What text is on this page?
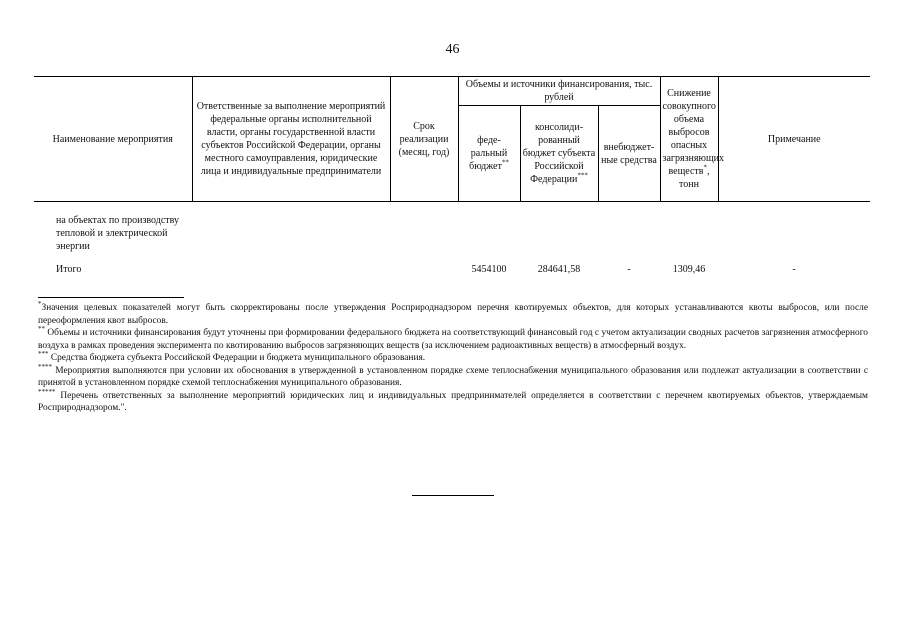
46
Наименование мероприятия	Ответственные за выполнение мероприятий федеральные органы исполнительной власти, органы государственной власти субъектов Российской Федерации, органы местного самоуправления, юридические лица и индивидуальные предприниматели	Срок реализации (месяц, год)	Объемы и источники финансирования, тыс. рублей			Снижение совокупного объема выбросов опасных загрязняющих веществ*, тонн	Примечание
			феде-ральный бюджет**	консолиди-рованный бюджет субъекта Российской Федерации***	внебюджет-ные средства		
на объектах по производству тепловой и электрической энергии							
Итого			5454100	284641,58	-	1309,46	-

*Значения целевых показателей могут быть скорректированы после утверждения Росприроднадзором перечня квотируемых объектов, для которых устанавливаются квоты выбросов, или после переоформления квот выбросов.

** Объемы и источники финансирования будут уточнены при формировании федерального бюджета на соответствующий финансовый год с учетом актуализации сводных расчетов загрязнения атмосферного воздуха в рамках проведения эксперимента по квотированию выбросов загрязняющих веществ (за исключением радиоактивных веществ) в атмосферный воздух.

*** Средства бюджета субъекта Российской Федерации и бюджета муниципального образования.

**** Мероприятия выполняются при условии их обоснования в утвержденной в установленном порядке схеме теплоснабжения муниципального образования или подлежат актуализации в соответствии с принятой в установленном порядке схемой теплоснабжения муниципального образования.

***** Перечень ответственных за выполнение мероприятий юридических лиц и индивидуальных предпринимателей определяется в соответствии с перечнем квотируемых объектов, утверждаемым Росприроднадзором.".
